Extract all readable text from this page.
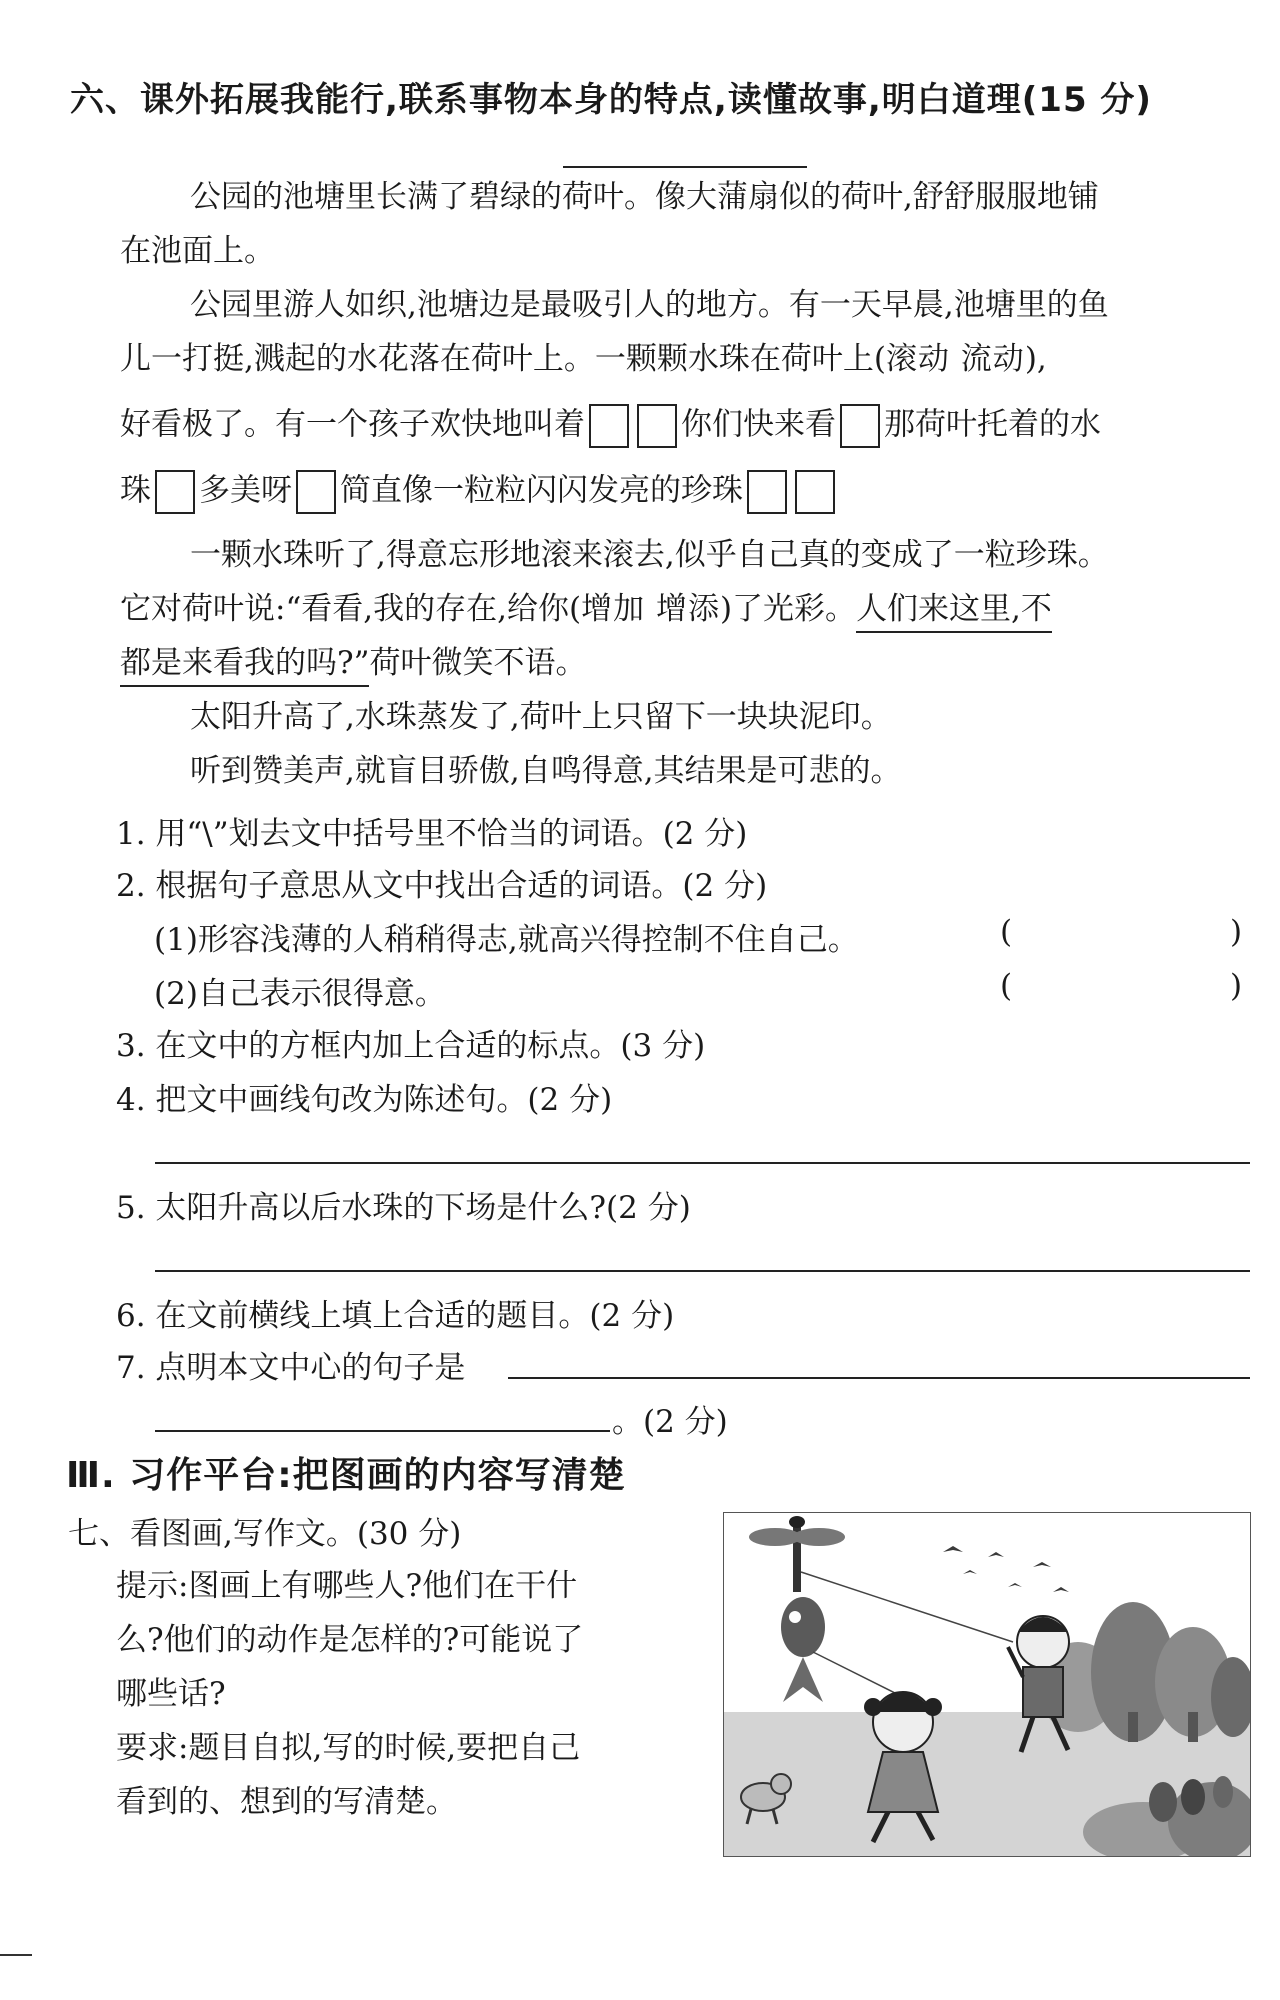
六、课外拓展我能行,联系事物本身的特点,读懂故事,明白道理(15 分)
公园的池塘里长满了碧绿的荷叶。像大蒲扇似的荷叶,舒舒服服地铺
在池面上。
公园里游人如织,池塘边是最吸引人的地方。有一天早晨,池塘里的鱼
儿一打挺,溅起的水花落在荷叶上。一颗颗水珠在荷叶上(滚动 流动),
好看极了。有一个孩子欢快地叫着	你们快来看 那荷叶托着的水
珠 多美呀 简直像一粒粒闪闪发亮的珍珠
一颗水珠听了,得意忘形地滚来滚去,似乎自己真的变成了一粒珍珠。
它对荷叶说:“看看,我的存在,给你(增加 增添)了光彩。人们来这里,不
都是来看我的吗?”荷叶微笑不语。
太阳升高了,水珠蒸发了,荷叶上只留下一块块泥印。
听到赞美声,就盲目骄傲,自鸣得意,其结果是可悲的。
1. 用“\”划去文中括号里不恰当的词语。(2 分)
2. 根据句子意思从文中找出合适的词语。(2 分)
(1)形容浅薄的人稍稍得志,就高兴得控制不住自己。	(	)
(2)自己表示很得意。	(	)
3. 在文中的方框内加上合适的标点。(3 分)
4. 把文中画线句改为陈述句。(2 分)
5. 太阳升高以后水珠的下场是什么?(2 分)
6. 在文前横线上填上合适的题目。(2 分)
7. 点明本文中心的句子是
。(2 分)
Ⅲ. 习作平台:把图画的内容写清楚
七、看图画,写作文。(30 分)
提示:图画上有哪些人?他们在干什
么?他们的动作是怎样的?可能说了
哪些话?
要求:题目自拟,写的时候,要把自己
看到的、想到的写清楚。
